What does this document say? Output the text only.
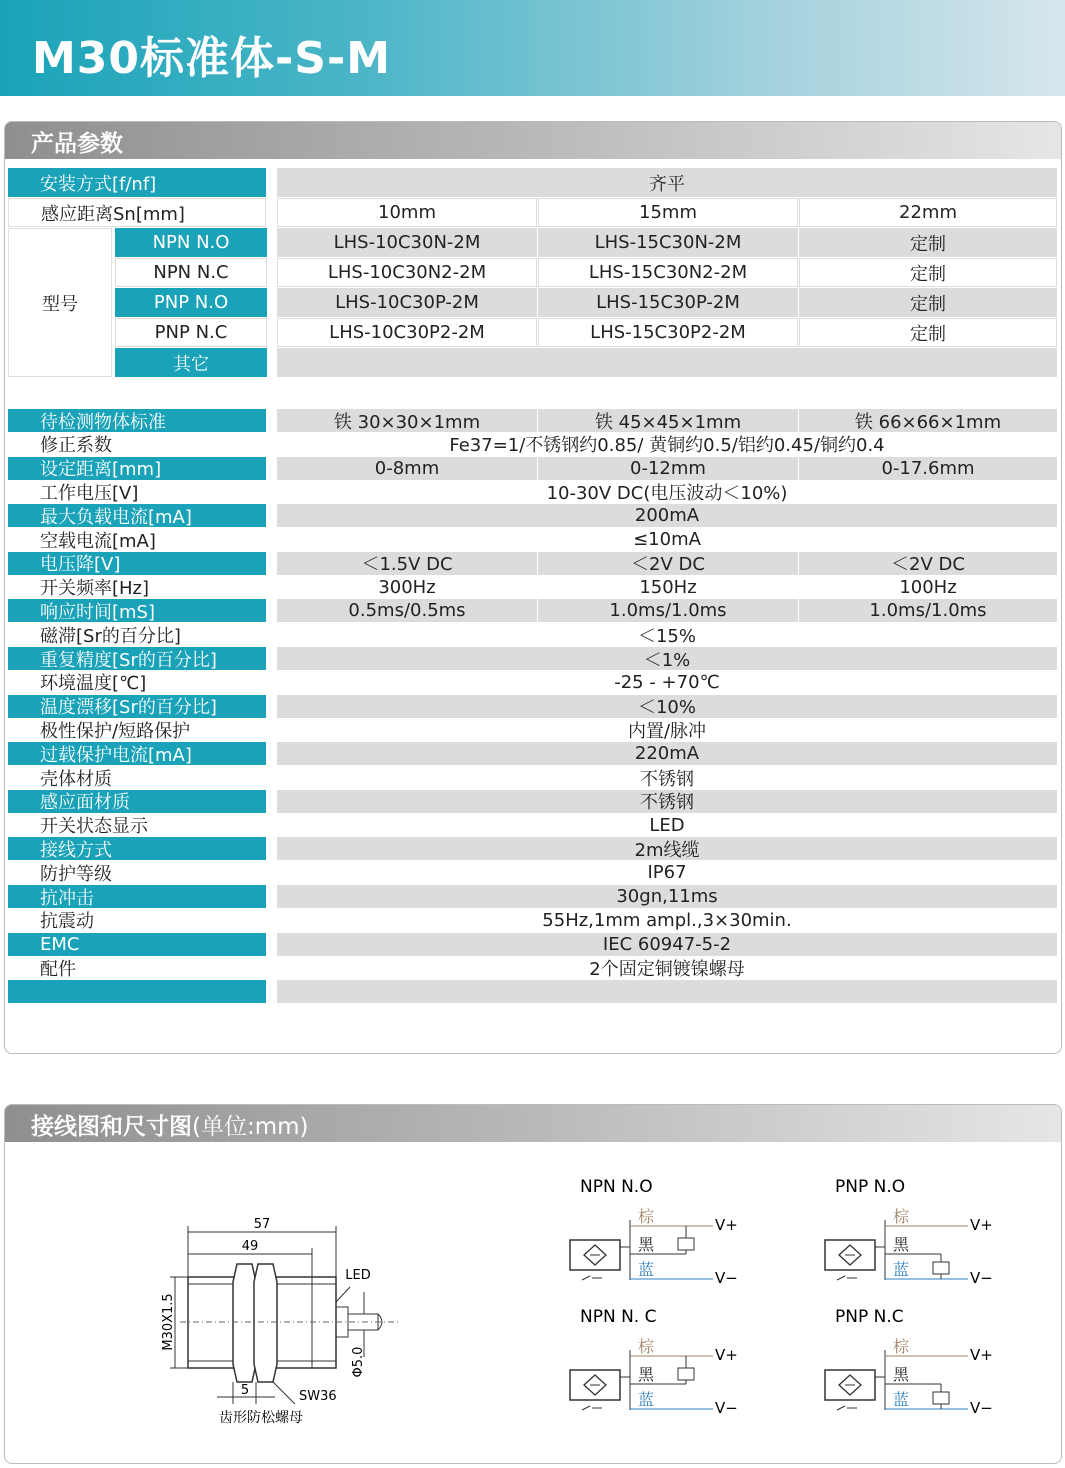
M30标准体-S-M
产品参数
安装方式[f/nf]	齐平
感应距离Sn[mm]	10mm	15mm	22mm
型号
NPN N.O	LHS-10C30N-2M	LHS-15C30N-2M	定制
NPN N.C	LHS-10C30N2-2M	LHS-15C30N2-2M	定制
PNP N.O	LHS-10C30P-2M	LHS-15C30P-2M	定制
PNP N.C	LHS-10C30P2-2M	LHS-15C30P2-2M	定制
其它
待检测物体标准	铁 30×30×1mm	铁 45×45×1mm	铁 66×66×1mm
修正系数	Fe37=1/不锈钢约0.85/ 黄铜约0.5/铝约0.45/铜约0.4
设定距离[mm]	0-8mm	0-12mm	0-17.6mm
工作电压[V]	10-30V DC(电压波动＜10%)
最大负载电流[mA]	200mA
空载电流[mA]	≤10mA
电压降[V]	＜1.5V DC	＜2V DC	＜2V DC
开关频率[Hz]	300Hz	150Hz	100Hz
响应时间[mS]	0.5ms/0.5ms	1.0ms/1.0ms	1.0ms/1.0ms
磁滞[Sr的百分比]	＜15%
重复精度[Sr的百分比]	＜1%
环境温度[℃]	-25 - +70℃
温度漂移[Sr的百分比]	＜10%
极性保护/短路保护	内置/脉冲
过载保护电流[mA]	220mA
壳体材质	不锈钢
感应面材质	不锈钢
开关状态显示	LED
接线方式	2m线缆
防护等级	IP67
抗冲击	30gn,11ms
抗震动	55Hz,1mm ampl.,3×30min.
EMC	IEC 60947-5-2
配件	2个固定铜镀镍螺母
接线图和尺寸图(单位:mm)
57
49
5
M30X1.5
LED
Φ5.0
SW36
齿形防松螺母
NPN N.O
棕
黑
蓝
V+
V−
PNP N.O
棕
黑
蓝
V+
V−
NPN N. C
棕
黑
蓝
V+
V−
PNP N.C
棕
黑
蓝
V+
V−
